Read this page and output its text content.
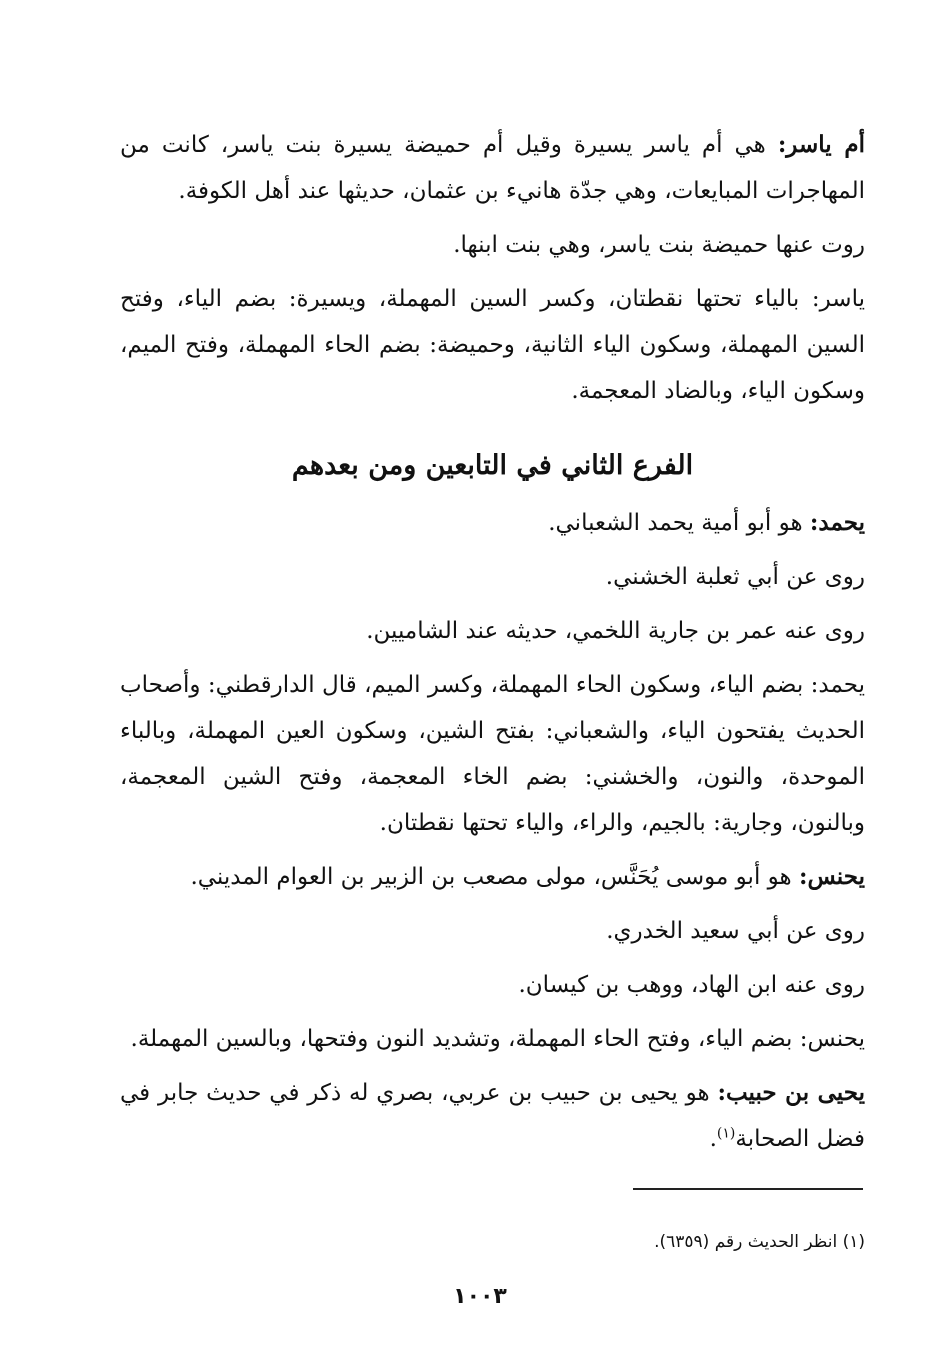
أم ياسر: هي أم ياسر يسيرة وقيل أم حميضة يسيرة بنت ياسر، كانت من المهاجرات المبايعات، وهي جدّة هانيء بن عثمان، حديثها عند أهل الكوفة.

روت عنها حميضة بنت ياسر، وهي بنت ابنها.

ياسر: بالياء تحتها نقطتان، وكسر السين المهملة، ويسيرة: بضم الياء، وفتح السين المهملة، وسكون الياء الثانية، وحميضة: بضم الحاء المهملة، وفتح الميم، وسكون الياء، وبالضاد المعجمة.

الفرع الثاني في التابعين ومن بعدهم

يحمد: هو أبو أمية يحمد الشعباني.

روى عن أبي ثعلبة الخشني.

روى عنه عمر بن جارية اللخمي، حديثه عند الشاميين.

يحمد: بضم الياء، وسكون الحاء المهملة، وكسر الميم، قال الدارقطني: وأصحاب الحديث يفتحون الياء، والشعباني: بفتح الشين، وسكون العين المهملة، وبالباء الموحدة، والنون، والخشني: بضم الخاء المعجمة، وفتح الشين المعجمة، وبالنون، وجارية: بالجيم، والراء، والياء تحتها نقطتان.

يحنس: هو أبو موسى يُحَنَّس، مولى مصعب بن الزبير بن العوام المديني.

روى عن أبي سعيد الخدري.

روى عنه ابن الهاد، ووهب بن كيسان.

يحنس: بضم الياء، وفتح الحاء المهملة، وتشديد النون وفتحها، وبالسين المهملة.

يحيى بن حبيب: هو يحيى بن حبيب بن عربي، بصري له ذكر في حديث جابر في فضل الصحابة$^{(١)}$.

(١) انظر الحديث رقم (٦٣٥٩).
١٠٠٣
